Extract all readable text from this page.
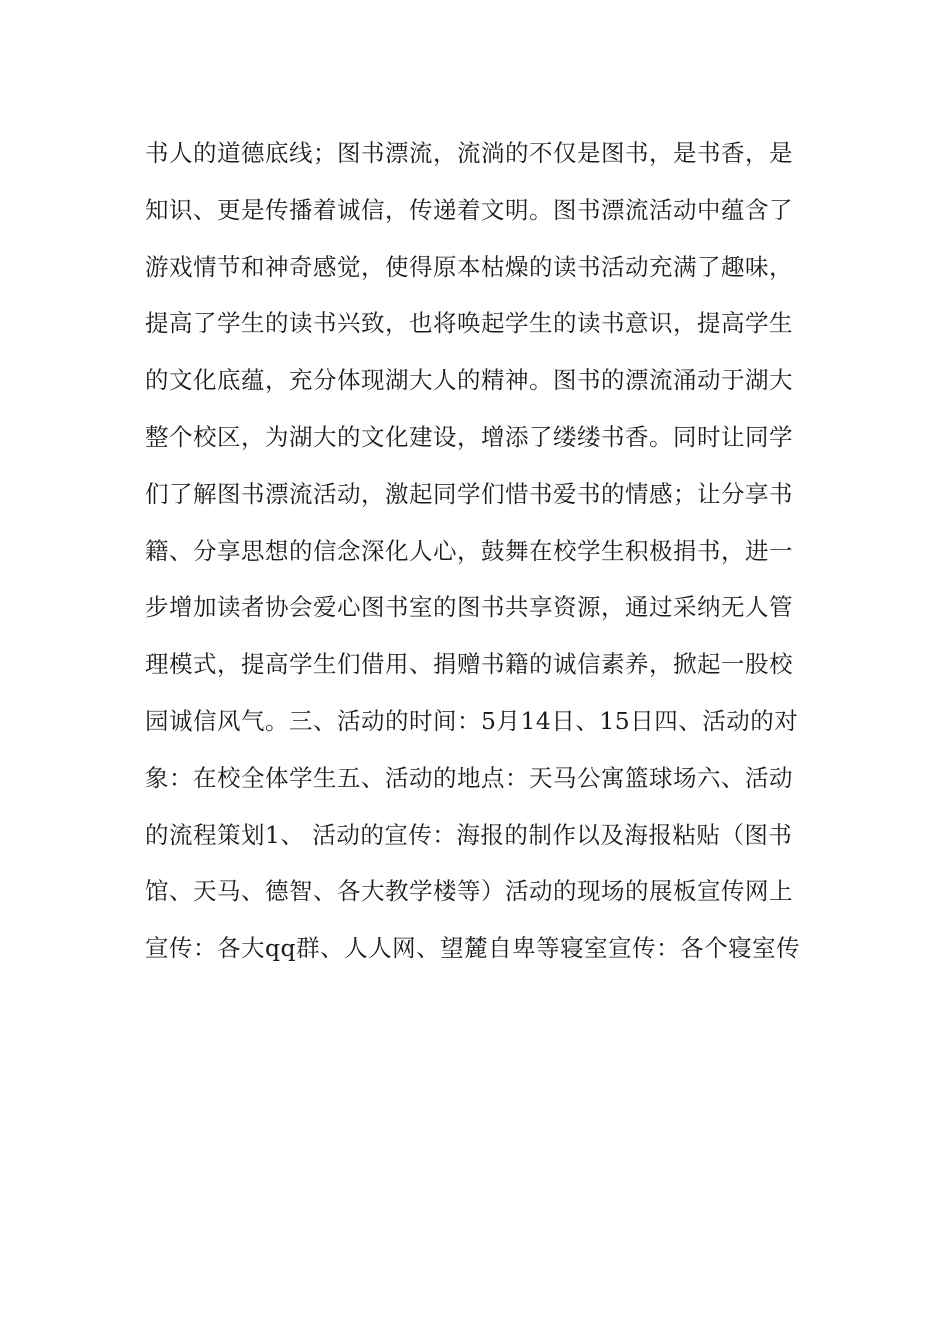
书人的道德底线；图书漂流，流淌的不仅是图书，是书香，是
知识、更是传播着诚信，传递着文明。图书漂流活动中蕴含了
游戏情节和神奇感觉，使得原本枯燥的读书活动充满了趣味，
提高了学生的读书兴致，也将唤起学生的读书意识，提高学生
的文化底蕴，充分体现湖大人的精神。图书的漂流涌动于湖大
整个校区，为湖大的文化建设，增添了缕缕书香。同时让同学
们了解图书漂流活动，激起同学们惜书爱书的情感；让分享书
籍、分享思想的信念深化人心，鼓舞在校学生积极捐书，进一
步增加读者协会爱心图书室的图书共享资源，通过采纳无人管
理模式，提高学生们借用、捐赠书籍的诚信素养，掀起一股校
园诚信风气。三、活动的时间：5月14日、15日四、活动的对
象：在校全体学生五、活动的地点：天马公寓篮球场六、活动
的流程策划1、 活动的宣传：海报的制作以及海报粘贴（图书
馆、天马、德智、各大教学楼等）活动的现场的展板宣传网上
宣传：各大qq群、人人网、望麓自卑等寝室宣传：各个寝室传
